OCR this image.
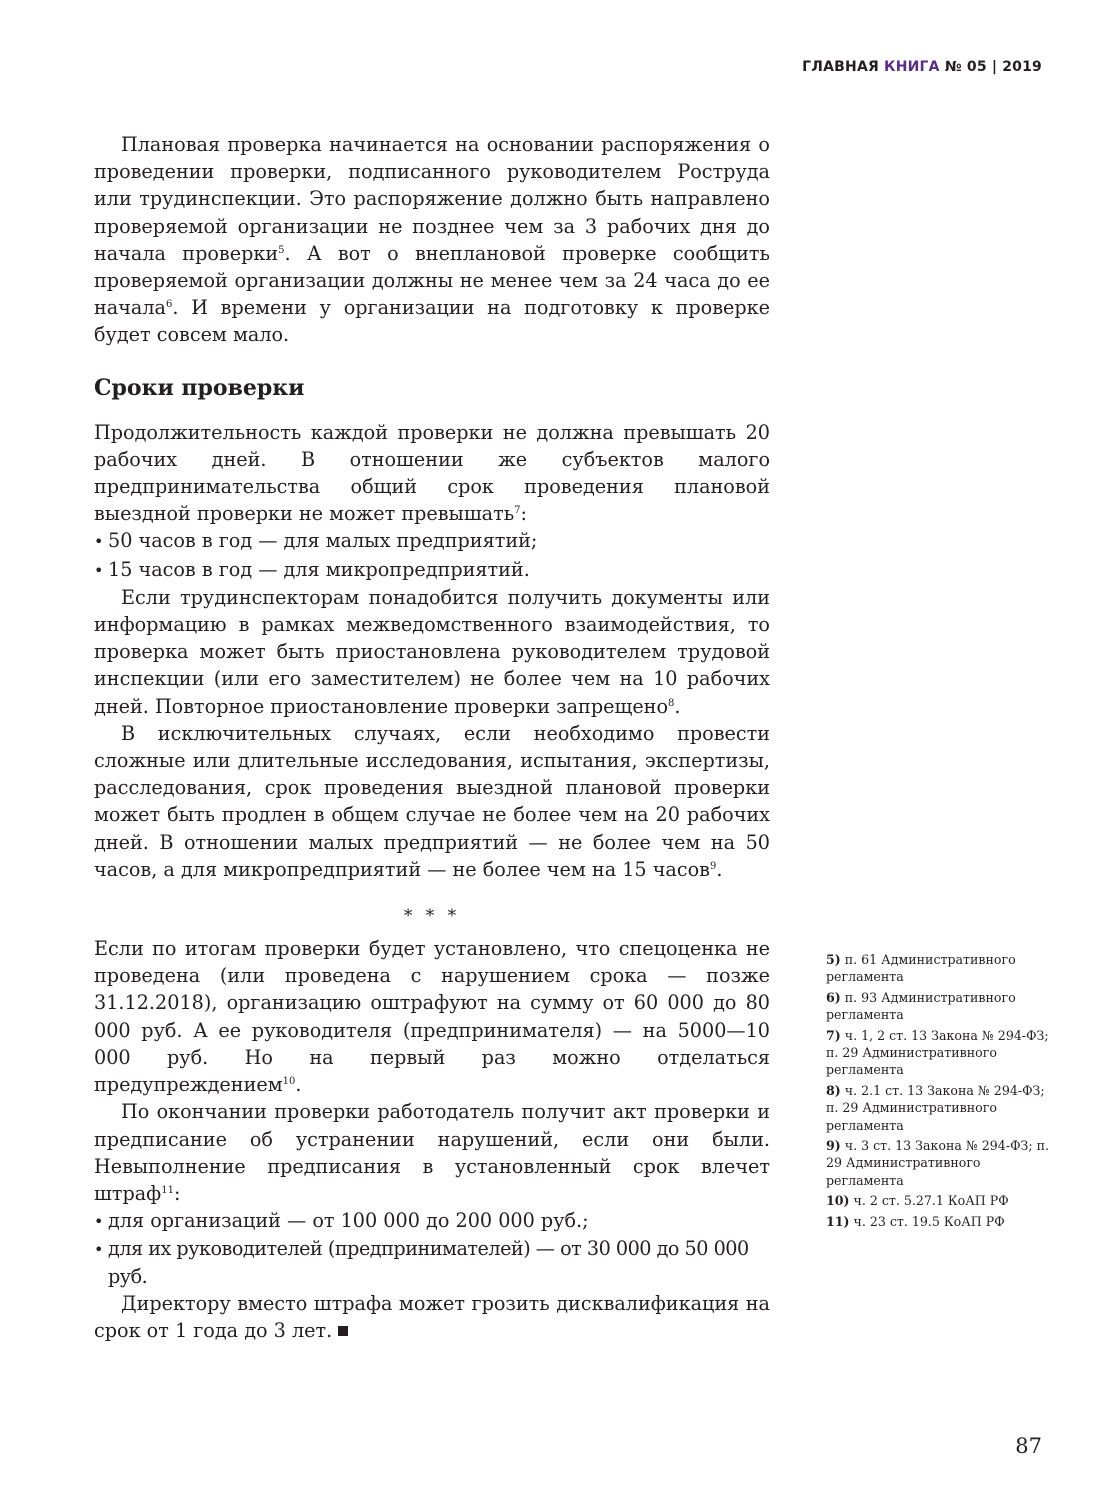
ГЛАВНАЯ КНИГА № 05 | 2019

Плановая проверка начинается на основании распоряжения о проведении проверки, подписанного руководителем Роструда или трудинспекции. Это распоряжение должно быть направлено проверяемой организации не позднее чем за 3 рабочих дня до начала проверки$^5$. А вот о внеплановой проверке сообщить проверяемой организации должны не менее чем за 24 часа до ее начала$^6$. И времени у организации на подготовку к проверке будет совсем мало.

Сроки проверки

Продолжительность каждой проверки не должна превышать 20 рабочих дней. В отношении же субъектов малого предпринимательства общий срок проведения плановой выездной проверки не может превышать$^7$:

• 50 часов в год — для малых предприятий;
• 15 часов в год — для микропредприятий.

Если трудинспекторам понадобится получить документы или информацию в рамках межведомственного взаимодействия, то проверка может быть приостановлена руководителем трудовой инспекции (или его заместителем) не более чем на 10 рабочих дней. Повторное приостановление проверки запрещено$^8$.

В исключительных случаях, если необходимо провести сложные или длительные исследования, испытания, экспертизы, расследования, срок проведения выездной плановой проверки может быть продлен в общем случае не более чем на 20 рабочих дней. В отношении малых предприятий — не более чем на 50 часов, а для микропредприятий — не более чем на 15 часов$^9$.

* * *

Если по итогам проверки будет установлено, что спецоценка не проведена (или проведена с нарушением срока — позже 31.12.2018), организацию оштрафуют на сумму от 60 000 до 80 000 руб. А ее руководителя (предпринимателя) — на 5000—10 000 руб. Но на первый раз можно отделаться предупреждением$^{10}$.

По окончании проверки работодатель получит акт проверки и предписание об устранении нарушений, если они были. Невыполнение предписания в установленный срок влечет штраф$^{11}$:

• для организаций — от 100 000 до 200 000 руб.;
• для их руководителей (предпринимателей) — от 30 000 до 50 000 руб.

Директору вместо штрафа может грозить дисквалификация на срок от 1 года до 3 лет.

5) п. 61 Административного регламента
6) п. 93 Административного регламента
7) ч. 1, 2 ст. 13 Закона № 294-ФЗ; п. 29 Административного регламента
8) ч. 2.1 ст. 13 Закона № 294-ФЗ; п. 29 Административного регламента
9) ч. 3 ст. 13 Закона № 294-ФЗ; п. 29 Административного регламента
10) ч. 2 ст. 5.27.1 КоАП РФ
11) ч. 23 ст. 19.5 КоАП РФ
87
